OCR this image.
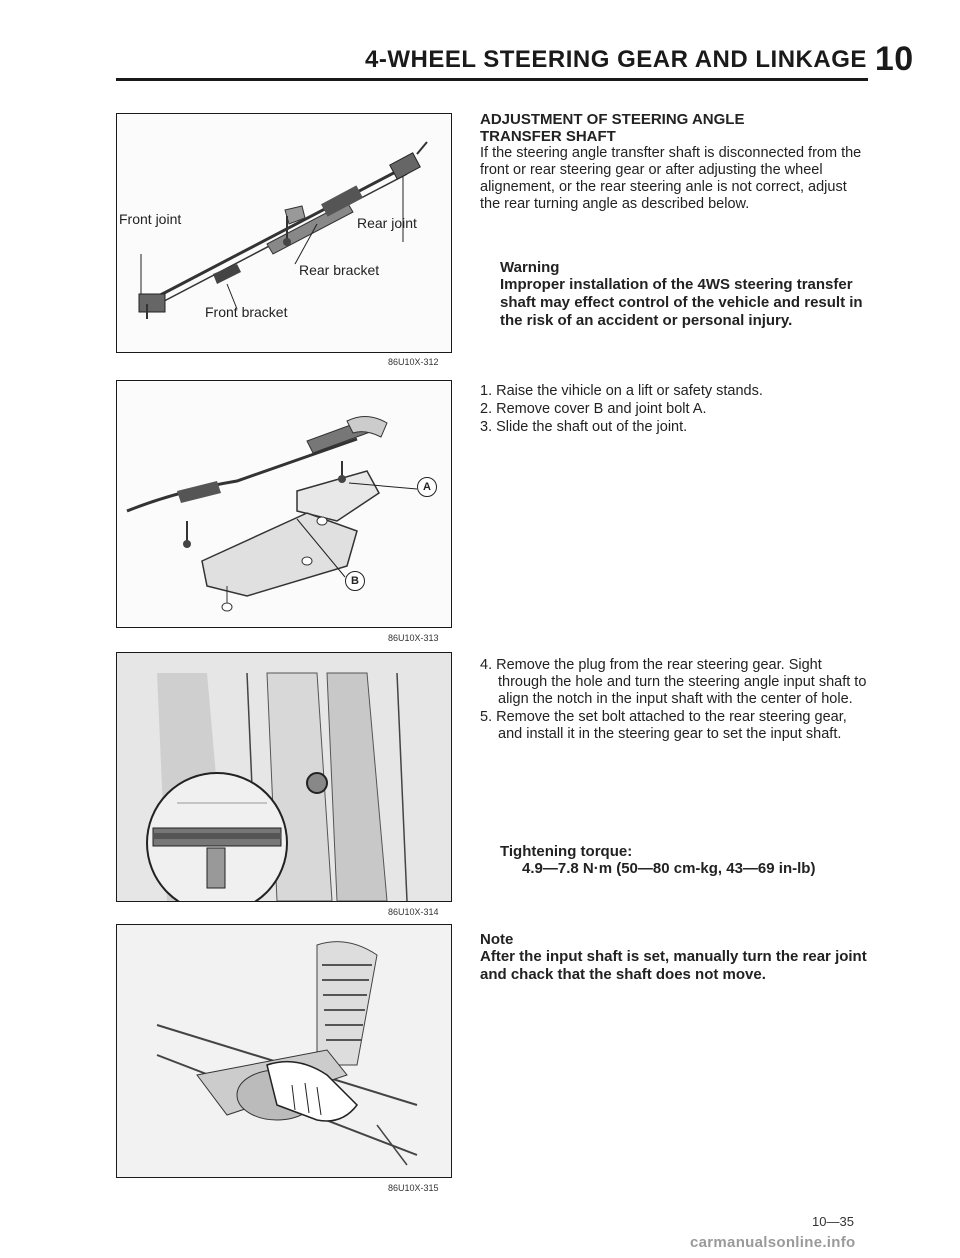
4-WHEEL STEERING GEAR AND LINKAGE 10
Front joint	Rear joint
Rear bracket
Front bracket
86U10X-312
A
B
86U10X-313
86U10X-314
86U10X-315
ADJUSTMENT OF STEERING ANGLE
TRANSFER SHAFT
If the steering angle transfter shaft is disconnected from the front or rear steering gear or after adjusting the wheel alignement, or the rear steering anle is not correct, adjust the rear turning angle as described below.
Warning
Improper installation of the 4WS steering transfer shaft may effect control of the vehicle and result in the risk of an accident or personal injury.
1. Raise the vihicle on a lift or safety stands.
2. Remove cover B and joint bolt A.
3. Slide the shaft out of the joint.
4. Remove the plug from the rear steering gear. Sight through the hole and turn the steering angle input shaft to align the notch in the input shaft with the center of hole.
5. Remove the set bolt attached to the rear steering gear, and install it in the steering gear to set the input shaft.
Tightening torque:
4.9—7.8 N·m (50—80 cm-kg, 43—69 in-lb)
Note
After the input shaft is set, manually turn the rear joint and chack that the shaft does not move.
10—35
carmanualsonline.info
